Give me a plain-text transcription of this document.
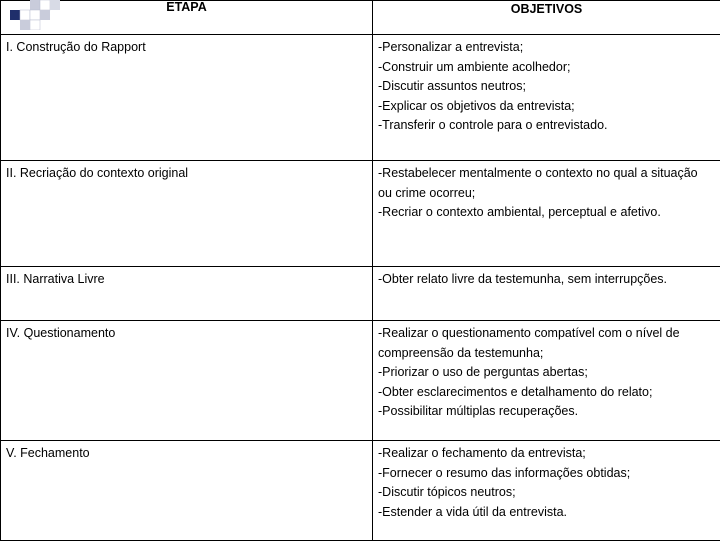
ETAPA	OBJETIVOS
I. Construção do Rapport	-Personalizar a entrevista;
-Construir um ambiente acolhedor;
-Discutir assuntos neutros;
-Explicar os objetivos da entrevista;
-Transferir o controle para o entrevistado.

II. Recriação do contexto original	-Restabelecer mentalmente o contexto no qual a situação ou crime ocorreu;
-Recriar o contexto ambiental, perceptual e afetivo.

III. Narrativa Livre	-Obter relato livre da testemunha, sem interrupções.

IV. Questionamento	-Realizar o questionamento compatível com o nível de compreensão da testemunha;
-Priorizar o uso de perguntas abertas;
-Obter esclarecimentos e detalhamento do relato;
-Possibilitar múltiplas recuperações.

V. Fechamento	-Realizar o fechamento da entrevista;
-Fornecer o resumo das informações obtidas;
-Discutir tópicos neutros;
-Estender a vida útil da entrevista.
